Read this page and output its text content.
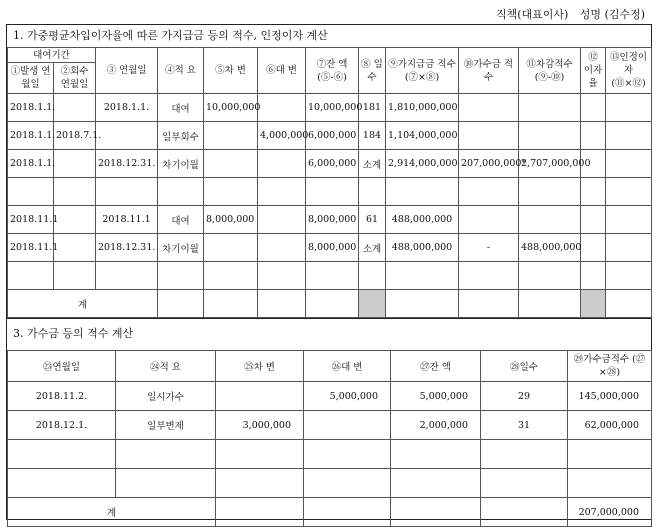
직책(대표이사) 성명 (김수정)
1. 가중평균차입이자율에 따른 가지급금 등의 적수, 인정이자 계산
대여기간		③ 연월일	④적 요	⑤차 변	⑥대 변	⑦잔 액 (⑤-⑥)	⑧ 일수	⑨가지급금 적수 (⑦×⑧)	⑩가수금 적수	⑪차감적수 (⑨-⑩)	⑫ 이자 율	⑬인정이자 (⑪×⑫)
①발생 연월일	②회수 연월일											
2018.1.1.		2018.1.1.	대여	10,000,000		10,000,000	181	1,810,000,000				
2018.1.1.	2018.7.1.		일부회수		4,000,000	6,000,000	184	1,104,000,000				
2018.1.1.		2018.12.31.	차기이월			6,000,000	소계	2,914,000,000	207,000,000*	2,707,000,000		

2018.11.1		2018.11.1	대여	8,000,000		8,000,000	61	488,000,000				
2018.11.1		2018.12.31.	차기이월			8,000,000	소계	488,000,000	-	488,000,000		

계												
3. 가수금 등의 적수 계산
㉓연월일	㉔적 요	㉕차 변	㉖대 변	㉗잔 액	㉘일수	㉙가수금적수 (㉗×㉘)
2018.11.2.	일시가수		5,000,000	5,000,000	29	145,000,000
2018.12.1.	일부변제	3,000,000		2,000,000	31	62,000,000

계						207,000,000
